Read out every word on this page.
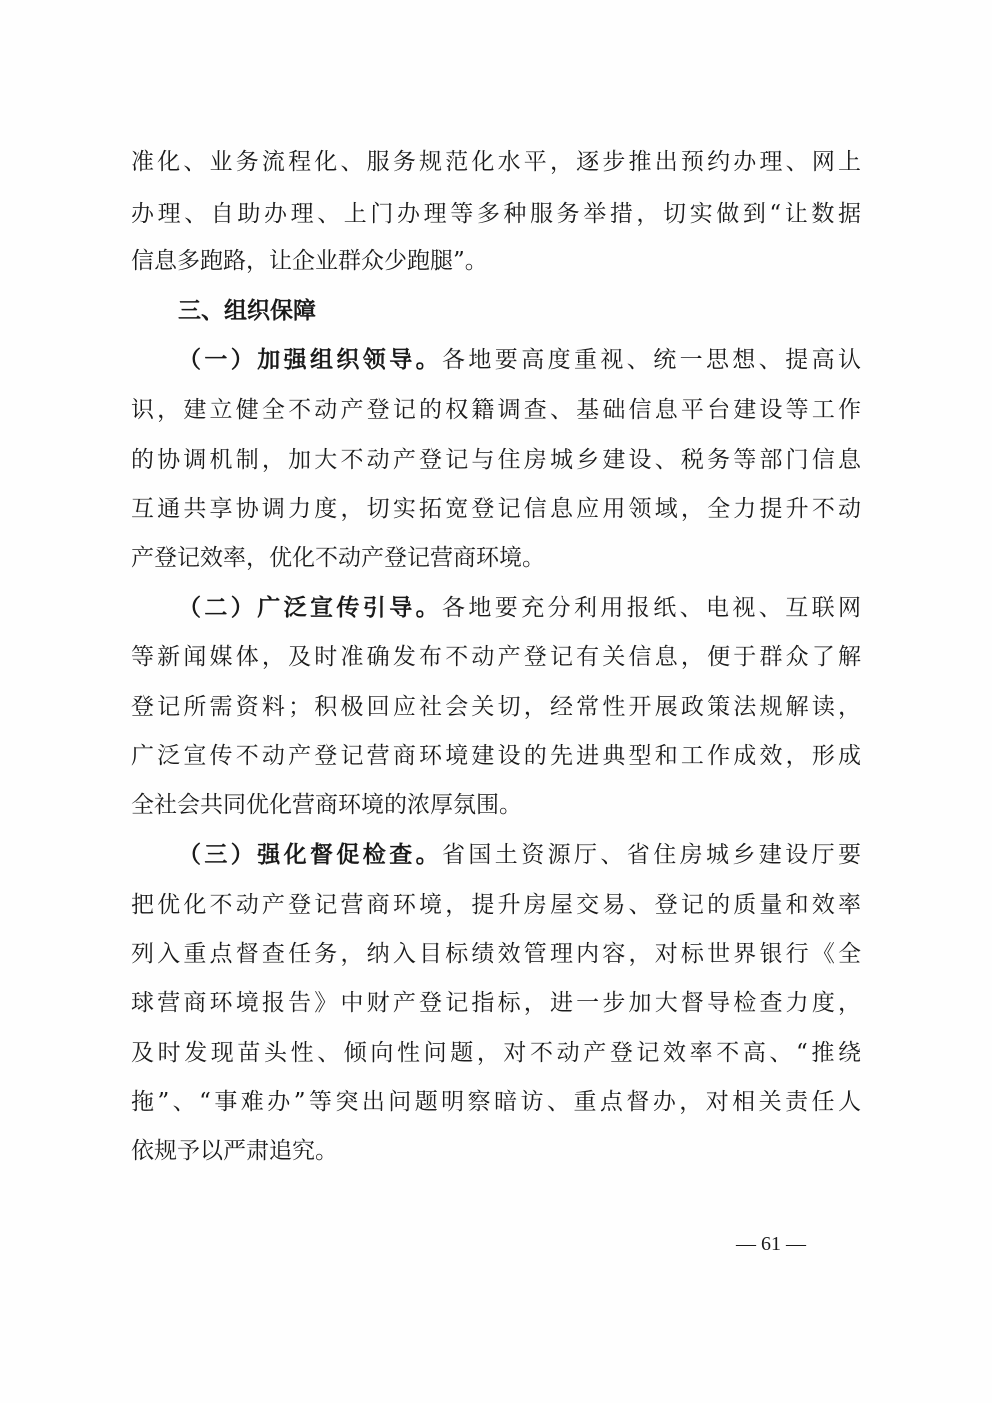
准化、业务流程化、服务规范化水平，逐步推出预约办理、网上
办理、自助办理、上门办理等多种服务举措，切实做到“让数据
信息多跑路，让企业群众少跑腿”。
三、组织保障
（一）加强组织领导。各地要高度重视、统一思想、提高认
识，建立健全不动产登记的权籍调查、基础信息平台建设等工作
的协调机制，加大不动产登记与住房城乡建设、税务等部门信息
互通共享协调力度，切实拓宽登记信息应用领域，全力提升不动
产登记效率，优化不动产登记营商环境。
（二）广泛宣传引导。各地要充分利用报纸、电视、互联网
等新闻媒体，及时准确发布不动产登记有关信息，便于群众了解
登记所需资料；积极回应社会关切，经常性开展政策法规解读，
广泛宣传不动产登记营商环境建设的先进典型和工作成效，形成
全社会共同优化营商环境的浓厚氛围。
（三）强化督促检查。省国土资源厅、省住房城乡建设厅要
把优化不动产登记营商环境，提升房屋交易、登记的质量和效率
列入重点督查任务，纳入目标绩效管理内容，对标世界银行《全
球营商环境报告》中财产登记指标，进一步加大督导检查力度，
及时发现苗头性、倾向性问题，对不动产登记效率不高、“推绕
拖”、“事难办”等突出问题明察暗访、重点督办，对相关责任人
依规予以严肃追究。
— 61 —
